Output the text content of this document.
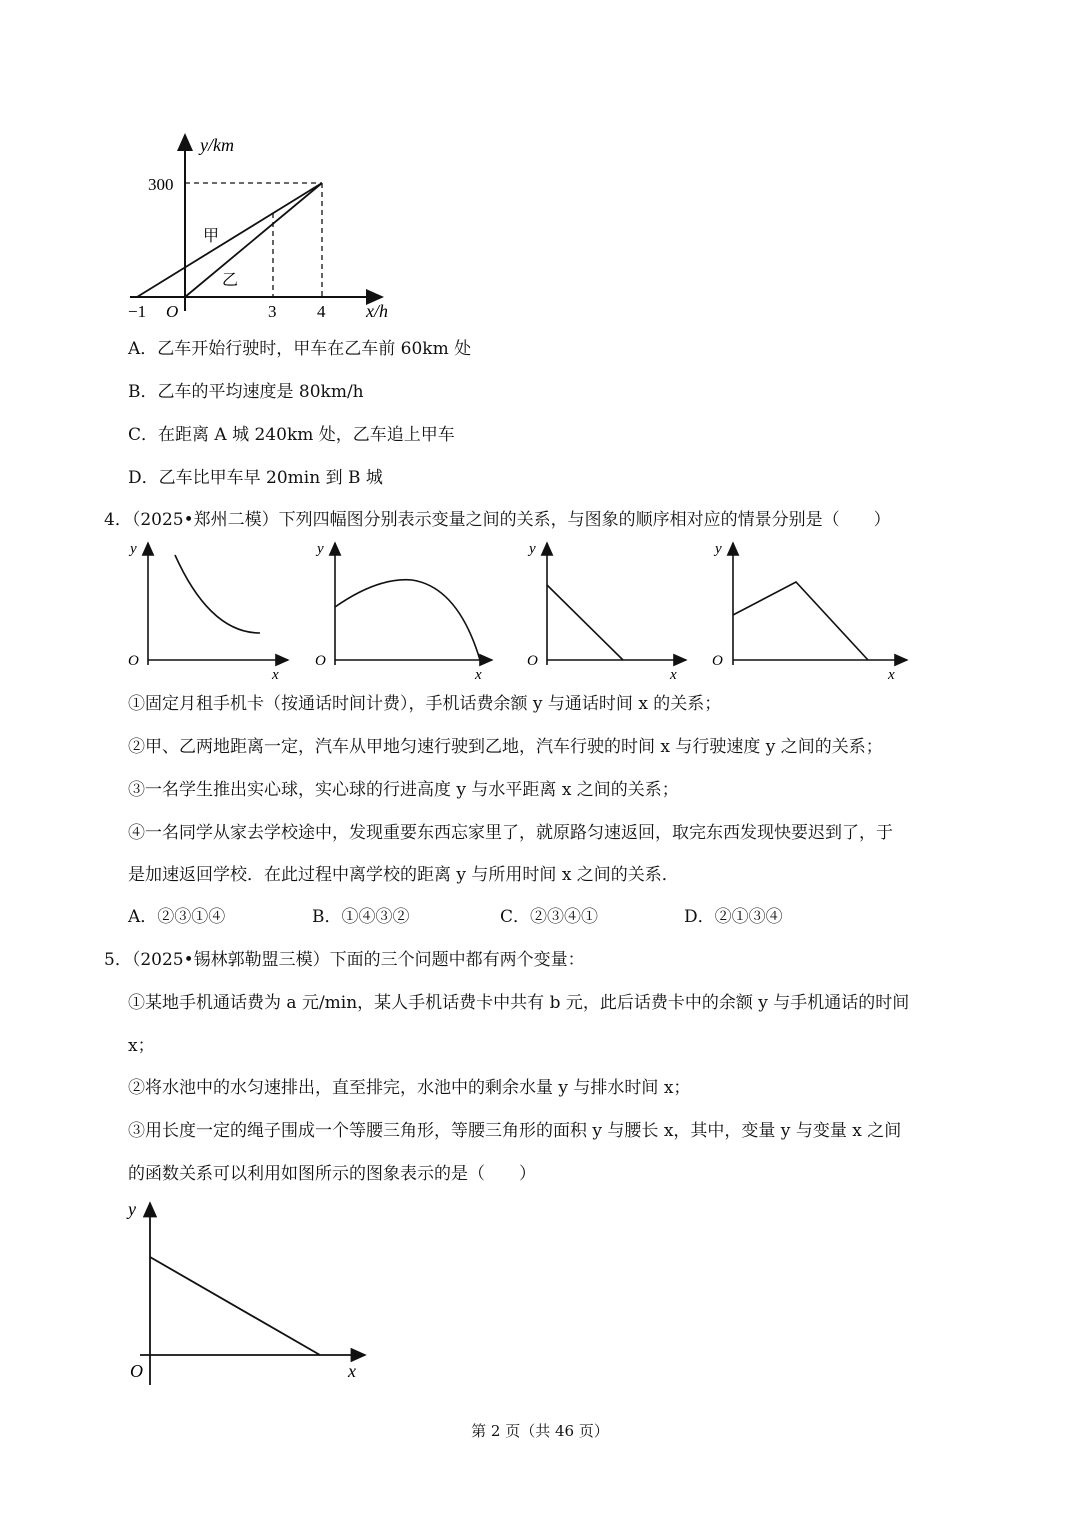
y/km
300
甲
乙
−1 O	3 4 x/h
A．乙车开始行驶时，甲车在乙车前 60km 处
B．乙车的平均速度是 80km/h
C．在距离 A 城 240km 处，乙车追上甲车
D．乙车比甲车早 20min 到 B 城
4．（2025•郑州二模）下列四幅图分别表示变量之间的关系，与图象的顺序相对应的情景分别是（　　）
y
O
x
y
O
x
y
O
x
y
O
x
①固定月租手机卡（按通话时间计费），手机话费余额 y 与通话时间 x 的关系；
②甲、乙两地距离一定，汽车从甲地匀速行驶到乙地，汽车行驶的时间 x 与行驶速度 y 之间的关系；
③一名学生推出实心球，实心球的行进高度 y 与水平距离 x 之间的关系；
④一名同学从家去学校途中，发现重要东西忘家里了，就原路匀速返回，取完东西发现快要迟到了，于
是加速返回学校．在此过程中离学校的距离 y 与所用时间 x 之间的关系．
A．②③①④	B．①④③②	C．②③④①	D．②①③④
5．（2025•锡林郭勒盟三模）下面的三个问题中都有两个变量：
①某地手机通话费为 a 元/min，某人手机话费卡中共有 b 元，此后话费卡中的余额 y 与手机通话的时间
x；
②将水池中的水匀速排出，直至排完，水池中的剩余水量 y 与排水时间 x；
③用长度一定的绳子围成一个等腰三角形，等腰三角形的面积 y 与腰长 x，其中，变量 y 与变量 x 之间
的函数关系可以利用如图所示的图象表示的是（　　）
y
O	x
第 2 页（共 46 页）
